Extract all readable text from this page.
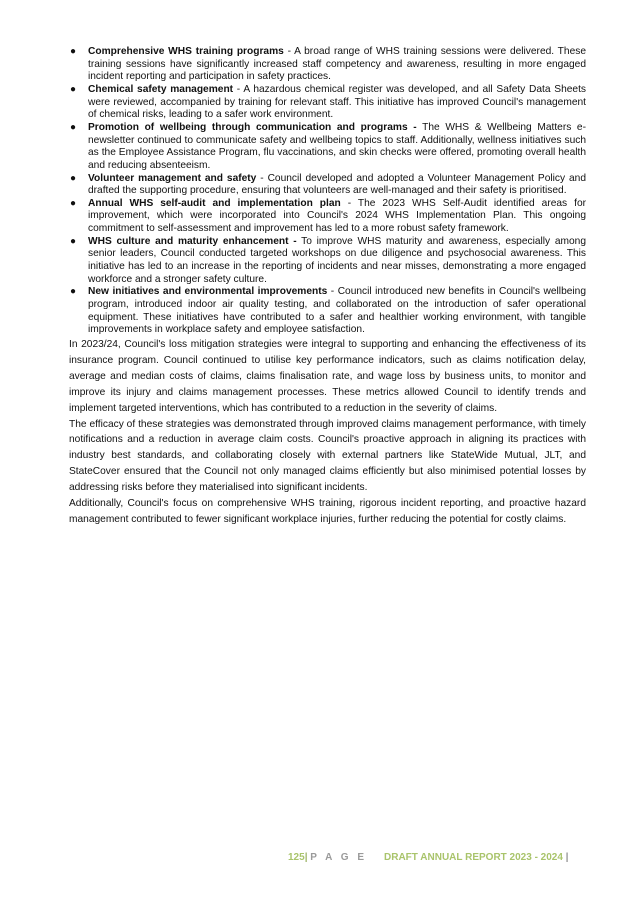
● Comprehensive WHS training programs - A broad range of WHS training sessions were delivered. These training sessions have significantly increased staff competency and awareness, resulting in more engaged incident reporting and participation in safety practices.
● Chemical safety management - A hazardous chemical register was developed, and all Safety Data Sheets were reviewed, accompanied by training for relevant staff. This initiative has improved Council's management of chemical risks, leading to a safer work environment.
● Promotion of wellbeing through communication and programs - The WHS & Wellbeing Matters e-newsletter continued to communicate safety and wellbeing topics to staff. Additionally, wellness initiatives such as the Employee Assistance Program, flu vaccinations, and skin checks were offered, promoting overall health and reducing absenteeism.
● Volunteer management and safety - Council developed and adopted a Volunteer Management Policy and drafted the supporting procedure, ensuring that volunteers are well-managed and their safety is prioritised.
● Annual WHS self-audit and implementation plan - The 2023 WHS Self-Audit identified areas for improvement, which were incorporated into Council's 2024 WHS Implementation Plan. This ongoing commitment to self-assessment and improvement has led to a more robust safety framework.
● WHS culture and maturity enhancement - To improve WHS maturity and awareness, especially among senior leaders, Council conducted targeted workshops on due diligence and psychosocial awareness. This initiative has led to an increase in the reporting of incidents and near misses, demonstrating a more engaged workforce and a stronger safety culture.
● New initiatives and environmental improvements - Council introduced new benefits in Council's wellbeing program, introduced indoor air quality testing, and collaborated on the introduction of safer operational equipment. These initiatives have contributed to a safer and healthier working environment, with tangible improvements in workplace safety and employee satisfaction.

In 2023/24, Council's loss mitigation strategies were integral to supporting and enhancing the effectiveness of its insurance program. Council continued to utilise key performance indicators, such as claims notification delay, average and median costs of claims, claims finalisation rate, and wage loss by business units, to monitor and improve its injury and claims management processes. These metrics allowed Council to identify trends and implement targeted interventions, which has contributed to a reduction in the severity of claims.

The efficacy of these strategies was demonstrated through improved claims management performance, with timely notifications and a reduction in average claim costs. Council's proactive approach in aligning its practices with industry best standards, and collaborating closely with external partners like StateWide Mutual, JLT, and StateCover ensured that the Council not only managed claims efficiently but also minimised potential losses by addressing risks before they materialised into significant incidents.

Additionally, Council's focus on comprehensive WHS training, rigorous incident reporting, and proactive hazard management contributed to fewer significant workplace injuries, further reducing the potential for costly claims.

125| P A G E DRAFT ANNUAL REPORT 2023 - 2024 |
